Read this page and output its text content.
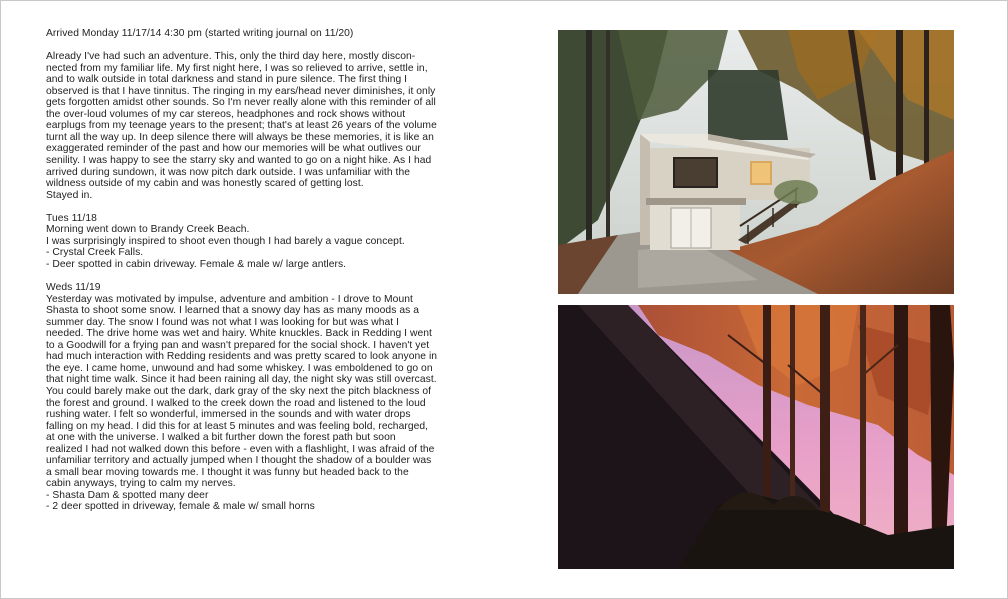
Arrived Monday 11/17/14 4:30 pm (started writing journal on 11/20)
Already I've had such an adventure. This, only the third day here, mostly discon-
nected from my familiar life. My first night here, I was so relieved to arrive, settle in,
and to walk outside in total darkness and stand in pure silence. The first thing I
observed is that I have tinnitus. The ringing in my ears/head never diminishes, it only
gets forgotten amidst other sounds. So I'm never really alone with this reminder of all
the over-loud volumes of my car stereos, headphones and rock shows without
earplugs from my teenage years to the present; that's at least 26 years of the volume
turnt all the way up. In deep silence there will always be these memories, it is like an
exaggerated reminder of the past and how our memories will be what outlives our
senility. I was happy to see the starry sky and wanted to go on a night hike. As I had
arrived during sundown, it was now pitch dark outside. I was unfamiliar with the
wildness outside of my cabin and was honestly scared of getting lost.
Stayed in.
Tues 11/18
Morning went down to Brandy Creek Beach.
I was surprisingly inspired to shoot even though I had barely a vague concept.
- Crystal Creek Falls.
- Deer spotted in cabin driveway. Female & male w/ large antlers.
Weds 11/19
Yesterday was motivated by impulse, adventure and ambition - I drove to Mount
Shasta to shoot some snow. I learned that a snowy day has as many moods as a
summer day. The snow I found was not what I was looking for but was what I
needed. The drive home was wet and hairy. White knuckles. Back in Redding I went
to a Goodwill for a frying pan and wasn't prepared for the social shock. I haven't yet
had much interaction with Redding residents and was pretty scared to look anyone in
the eye. I came home, unwound and had some whiskey. I was emboldened to go on
that night time walk. Since it had been raining all day, the night sky was still overcast.
You could barely make out the dark, dark gray of the sky next the pitch blackness of
the forest and ground. I walked to the creek down the road and listened to the loud
rushing water. I felt so wonderful, immersed in the sounds and with water drops
falling on my head. I did this for at least 5 minutes and was feeling bold, recharged,
at one with the universe. I walked a bit further down the forest path but soon
realized I had not walked down this before - even with a flashlight, I was afraid of the
unfamiliar territory and actually jumped when I thought the shadow of a boulder was
a small bear moving towards me. I thought it was funny but headed back to the
cabin anyways, trying to calm my nerves.
- Shasta Dam & spotted many deer
- 2 deer spotted in driveway, female & male w/ small horns
